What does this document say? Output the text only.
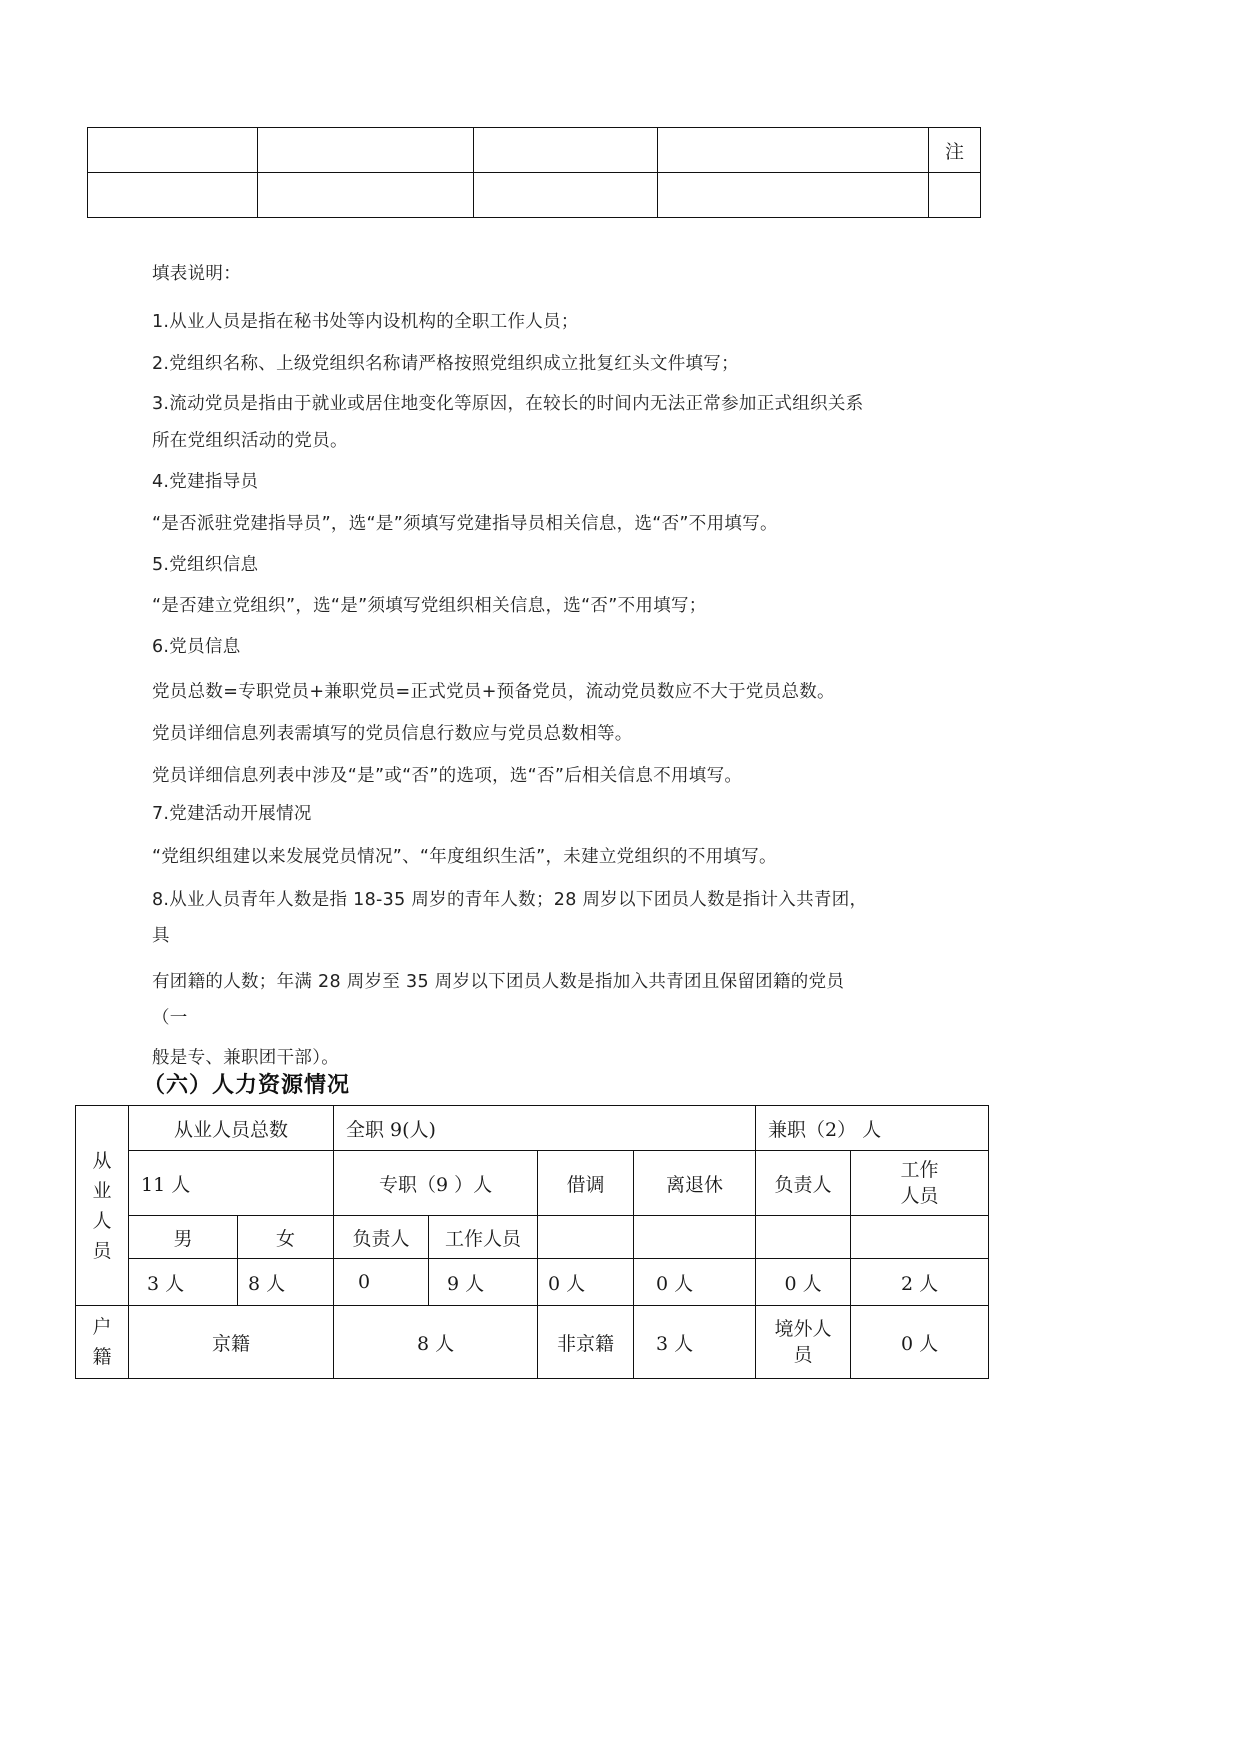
				注

填表说明：
1.从业人员是指在秘书处等内设机构的全职工作人员；
2.党组织名称、上级党组织名称请严格按照党组织成立批复红头文件填写；
3.流动党员是指由于就业或居住地变化等原因，在较长的时间内无法正常参加正式组织关系
所在党组织活动的党员。
4.党建指导员
“是否派驻党建指导员”，选“是”须填写党建指导员相关信息，选“否”不用填写。
5.党组织信息
“是否建立党组织”，选“是”须填写党组织相关信息，选“否”不用填写；
6.党员信息
党员总数=专职党员+兼职党员=正式党员+预备党员，流动党员数应不大于党员总数。
党员详细信息列表需填写的党员信息行数应与党员总数相等。
党员详细信息列表中涉及“是”或“否”的选项，选“否”后相关信息不用填写。
7.党建活动开展情况
“党组织组建以来发展党员情况”、“年度组织生活”，未建立党组织的不用填写。
8.从业人员青年人数是指 18-35 周岁的青年人数；28 周岁以下团员人数是指计入共青团，
具
有团籍的人数；年满 28 周岁至 35 周岁以下团员人数是指加入共青团且保留团籍的党员
（一
般是专、兼职团干部）。
（六）人力资源情况
从
业
人
员	从业人员总数		全职 9(人)				兼职（2） 人	
	11 人		专职（9 ）人		借调	离退休	负责人	工作人员
	男	女	负责人	工作人员				
	3 人	8 人	0	9 人	0 人	0 人	0 人	2 人

户
籍	京籍		8 人		非京籍	3 人	境外人员	0 人
